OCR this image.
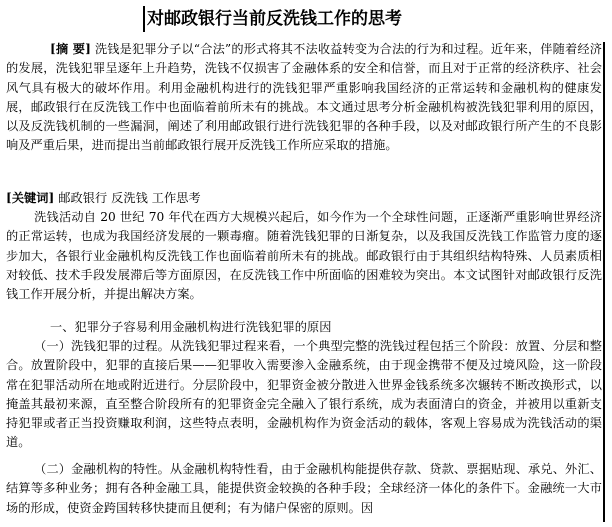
对邮政银行当前反洗钱工作的思考
[摘 要] 洗钱是犯罪分子以“合法”的形式将其不法收益转变为合法的行为和过程。近年来，伴随着经济的发展，洗钱犯罪呈逐年上升趋势，洗钱不仅损害了金融体系的安全和信誉，而且对于正常的经济秩序、社会风气具有极大的破坏作用。利用金融机构进行的洗钱犯罪严重影响我国经济的正常运转和金融机构的健康发展，邮政银行在反洗钱工作中也面临着前所未有的挑战。本文通过思考分析金融机构被洗钱犯罪利用的原因，以及反洗钱机制的一些漏洞，阐述了利用邮政银行进行洗钱犯罪的各种手段，以及对邮政银行所产生的不良影响及严重后果，进而提出当前邮政银行展开反洗钱工作所应采取的措施。
[关键词] 邮政银行 反洗钱 工作思考
洗钱活动自 20 世纪 70 年代在西方大规模兴起后，如今作为一个全球性问题，正逐渐严重影响世界经济的正常运转，也成为我国经济发展的一颗毒瘤。随着洗钱犯罪的日渐复杂，以及我国反洗钱工作监管力度的逐步加大，各银行业金融机构反洗钱工作也面临着前所未有的挑战。邮政银行由于其组织结构特殊、人员素质相对较低、技术手段发展滞后等方面原因，在反洗钱工作中所面临的困难较为突出。本文试图针对邮政银行反洗钱工作开展分析，并提出解决方案。
一、犯罪分子容易利用金融机构进行洗钱犯罪的原因
（一）洗钱犯罪的过程。从洗钱犯罪过程来看，一个典型完整的洗钱过程包括三个阶段：放置、分层和整合。放置阶段中，犯罪的直接后果——犯罪收入需要渗入金融系统，由于现金携带不便及过境风险，这一阶段常在犯罪活动所在地或附近进行。分层阶段中，犯罪资金被分散进入世界金钱系统多次辗转不断改换形式，以掩盖其最初来源，直至整合阶段所有的犯罪资金完全融入了银行系统，成为表面清白的资金，并被用以重新支持犯罪或者正当投资赚取利润，这些特点表明，金融机构作为资金活动的载体，客观上容易成为洗钱活动的渠道。
（二）金融机构的特性。从金融机构特性看，由于金融机构能提供存款、贷款、票据贴现、承兑、外汇、结算等多种业务；拥有各种金融工具，能提供资金较换的各种手段；全球经济一体化的条件下。金融统一大市场的形成，使资金跨国转移快捷而且便利；有为储户保密的原则。因
